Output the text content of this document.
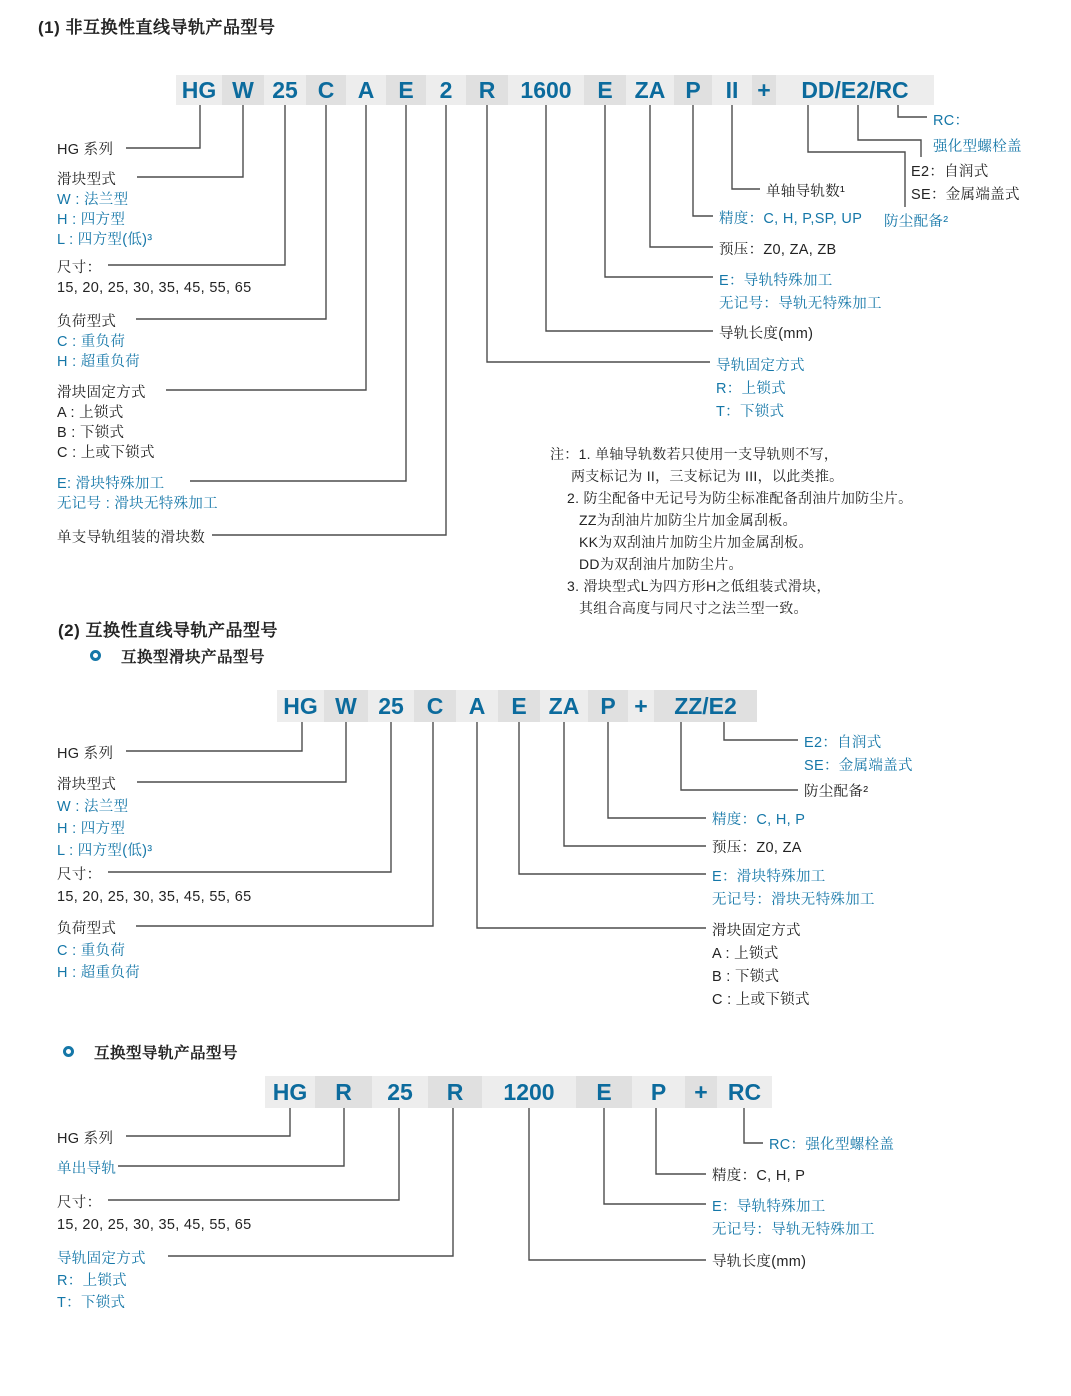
(1) 非互换性直线导轨产品型号
HG W 25 C	A	E	2	R	1600	E ZA P	II +	DD/E2/RC
HG 系列
滑块型式
W : 法兰型
H : 四方型
L : 四方型(低)³
尺寸：
15, 20, 25, 30, 35, 45, 55, 65
负荷型式
C : 重负荷
H : 超重负荷
滑块固定方式
A : 上锁式
B : 下锁式
C : 上或下锁式
E: 滑块特殊加工
无记号 : 滑块无特殊加工
单支导轨组装的滑块数
RC：
强化型螺栓盖
E2：自润式
SE：金属端盖式
单轴导轨数¹
精度：C, H, P,SP, UP 防尘配备²
预压：Z0, ZA, ZB
E：导轨特殊加工
无记号：导轨无特殊加工
导轨长度(mm)
导轨固定方式
R：上锁式
T：下锁式
注：1. 单轴导轨数若只使用一支导轨则不写，
两支标记为 II，三支标记为 III，以此类推。
2. 防尘配备中无记号为防尘标准配备刮油片加防尘片。
ZZ为刮油片加防尘片加金属刮板。
KK为双刮油片加防尘片加金属刮板。
DD为双刮油片加防尘片。
3. 滑块型式L为四方形H之低组装式滑块，
其组合高度与同尺寸之法兰型一致。
(2) 互换性直线导轨产品型号
互换型滑块产品型号
HG W 25 C	A	E ZA P +	ZZ/E2
HG 系列
滑块型式
W : 法兰型
H : 四方型
L : 四方型(低)³
尺寸：
15, 20, 25, 30, 35, 45, 55, 65
负荷型式
C : 重负荷
H : 超重负荷
E2：自润式
SE：金属端盖式
防尘配备²
精度：C, H, P
预压：Z0, ZA
E：滑块特殊加工
无记号：滑块无特殊加工
滑块固定方式
A : 上锁式
B : 下锁式
C : 上或下锁式
互换型导轨产品型号
HG	R	25	R	1200	E	P	+ RC
HG 系列
单出导轨
尺寸：
15, 20, 25, 30, 35, 45, 55, 65
导轨固定方式
R：上锁式
T：下锁式
RC：强化型螺栓盖
精度：C, H, P
E：导轨特殊加工
无记号：导轨无特殊加工
导轨长度(mm)
